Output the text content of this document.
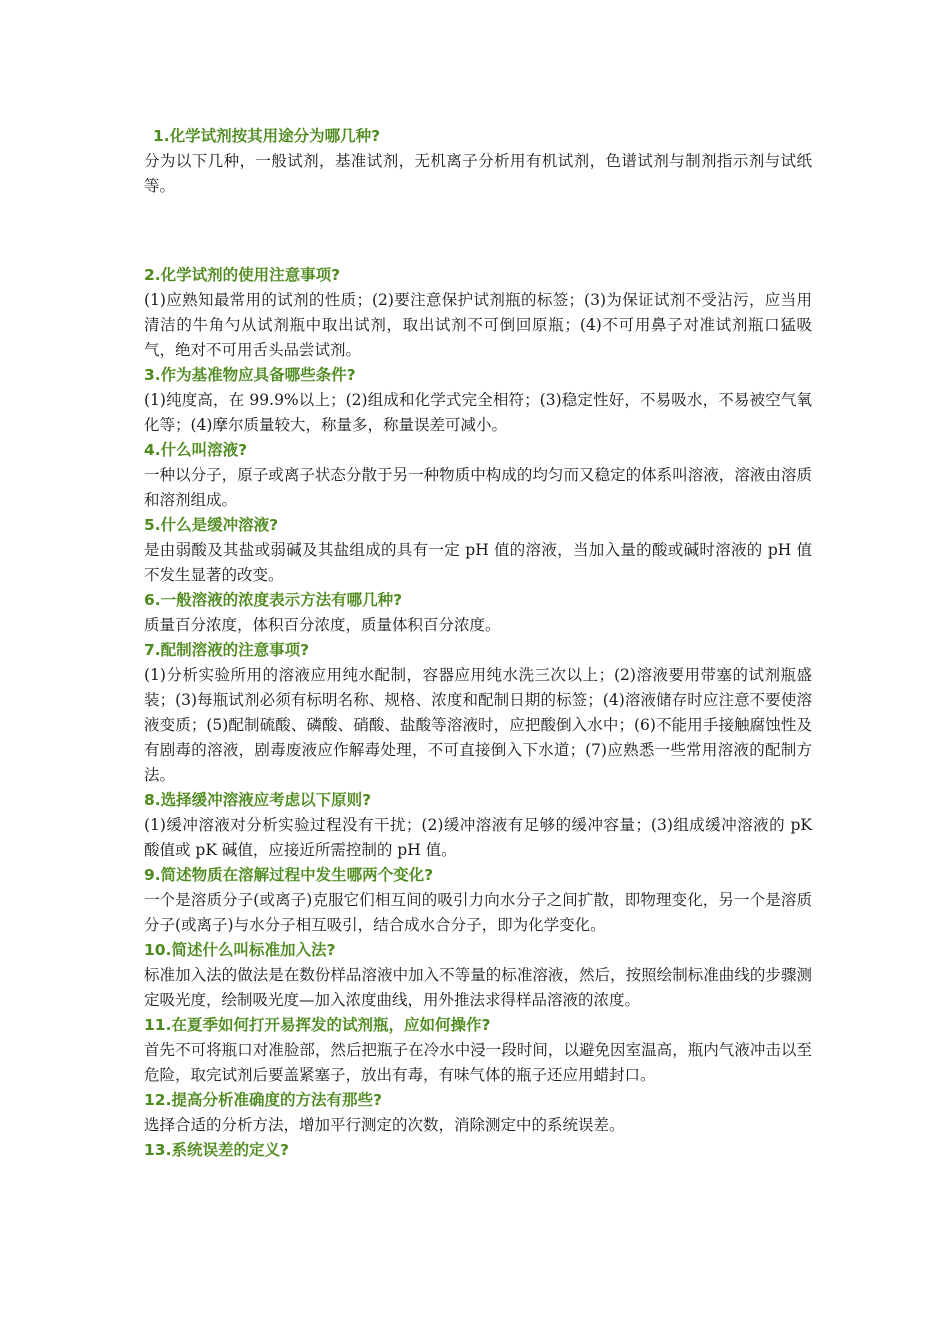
1.化学试剂按其用途分为哪几种?

分为以下几种，一般试剂，基准试剂，无机离子分析用有机试剂，色谱试剂与制剂指示剂与试纸等。

2.化学试剂的使用注意事项?

(1)应熟知最常用的试剂的性质；(2)要注意保护试剂瓶的标签；(3)为保证试剂不受沾污，应当用清洁的牛角勺从试剂瓶中取出试剂，取出试剂不可倒回原瓶；(4)不可用鼻子对准试剂瓶口猛吸气，绝对不可用舌头品尝试剂。

3.作为基准物应具备哪些条件?

(1)纯度高，在 99.9%以上；(2)组成和化学式完全相符；(3)稳定性好，不易吸水，不易被空气氧化等；(4)摩尔质量较大，称量多，称量误差可减小。

4.什么叫溶液?

一种以分子，原子或离子状态分散于另一种物质中构成的均匀而又稳定的体系叫溶液，溶液由溶质和溶剂组成。

5.什么是缓冲溶液?

是由弱酸及其盐或弱碱及其盐组成的具有一定 pH 值的溶液，当加入量的酸或碱时溶液的 pH 值不发生显著的改变。

6.一般溶液的浓度表示方法有哪几种?

质量百分浓度，体积百分浓度，质量体积百分浓度。

7.配制溶液的注意事项?

(1)分析实验所用的溶液应用纯水配制，容器应用纯水洗三次以上；(2)溶液要用带塞的试剂瓶盛装；(3)每瓶试剂必须有标明名称、规格、浓度和配制日期的标签；(4)溶液储存时应注意不要使溶液变质；(5)配制硫酸、磷酸、硝酸、盐酸等溶液时，应把酸倒入水中；(6)不能用手接触腐蚀性及有剧毒的溶液，剧毒废液应作解毒处理，不可直接倒入下水道；(7)应熟悉一些常用溶液的配制方法。

8.选择缓冲溶液应考虑以下原则?

(1)缓冲溶液对分析实验过程没有干扰；(2)缓冲溶液有足够的缓冲容量；(3)组成缓冲溶液的 pK 酸值或 pK 碱值，应接近所需控制的 pH 值。

9.简述物质在溶解过程中发生哪两个变化?

一个是溶质分子(或离子)克服它们相互间的吸引力向水分子之间扩散，即物理变化，另一个是溶质分子(或离子)与水分子相互吸引，结合成水合分子，即为化学变化。

10.简述什么叫标准加入法?

标准加入法的做法是在数份样品溶液中加入不等量的标准溶液，然后，按照绘制标准曲线的步骤测定吸光度，绘制吸光度—加入浓度曲线，用外推法求得样品溶液的浓度。

11.在夏季如何打开易挥发的试剂瓶，应如何操作?

首先不可将瓶口对准脸部，然后把瓶子在冷水中浸一段时间，以避免因室温高，瓶内气液冲击以至危险，取完试剂后要盖紧塞子，放出有毒，有味气体的瓶子还应用蜡封口。

12.提高分析准确度的方法有那些?

选择合适的分析方法，增加平行测定的次数，消除测定中的系统误差。

13.系统误差的定义?
